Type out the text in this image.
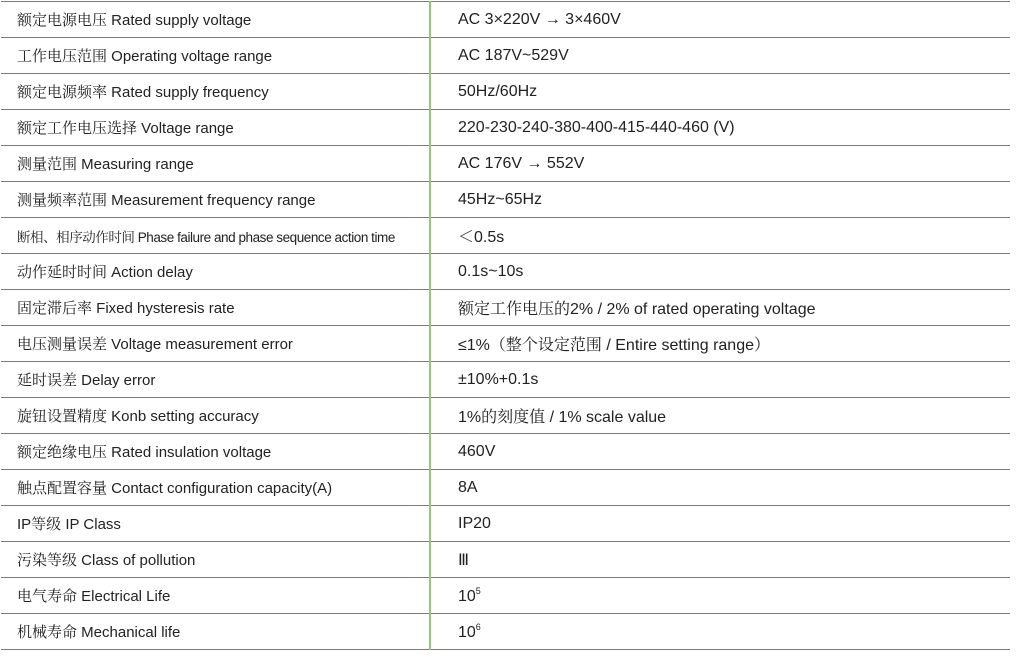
额定电源电压 Rated supply voltage	AC 3×220V → 3×460V
工作电压范围 Operating voltage range	AC 187V~529V
额定电源频率 Rated supply frequency	50Hz/60Hz
额定工作电压选择 Voltage range	220-230-240-380-400-415-440-460 (V)
测量范围 Measuring range	AC 176V → 552V
测量频率范围 Measurement frequency range	45Hz~65Hz
断相、相序动作时间 Phase failure and phase sequence action time	＜0.5s
动作延时时间 Action delay	0.1s~10s
固定滞后率 Fixed hysteresis rate	额定工作电压的2% / 2% of rated operating voltage
电压测量误差 Voltage measurement error	≤1%（整个设定范围 / Entire setting range）
延时误差 Delay error	±10%+0.1s
旋钮设置精度 Konb setting accuracy	1%的刻度值 / 1% scale value
额定绝缘电压 Rated insulation voltage	460V
触点配置容量 Contact configuration capacity(A)	8A
IP等级 IP Class	IP20
污染等级 Class of pollution	Ⅲ
电气寿命 Electrical Life	$10^5$
机械寿命 Mechanical life	$10^6$
